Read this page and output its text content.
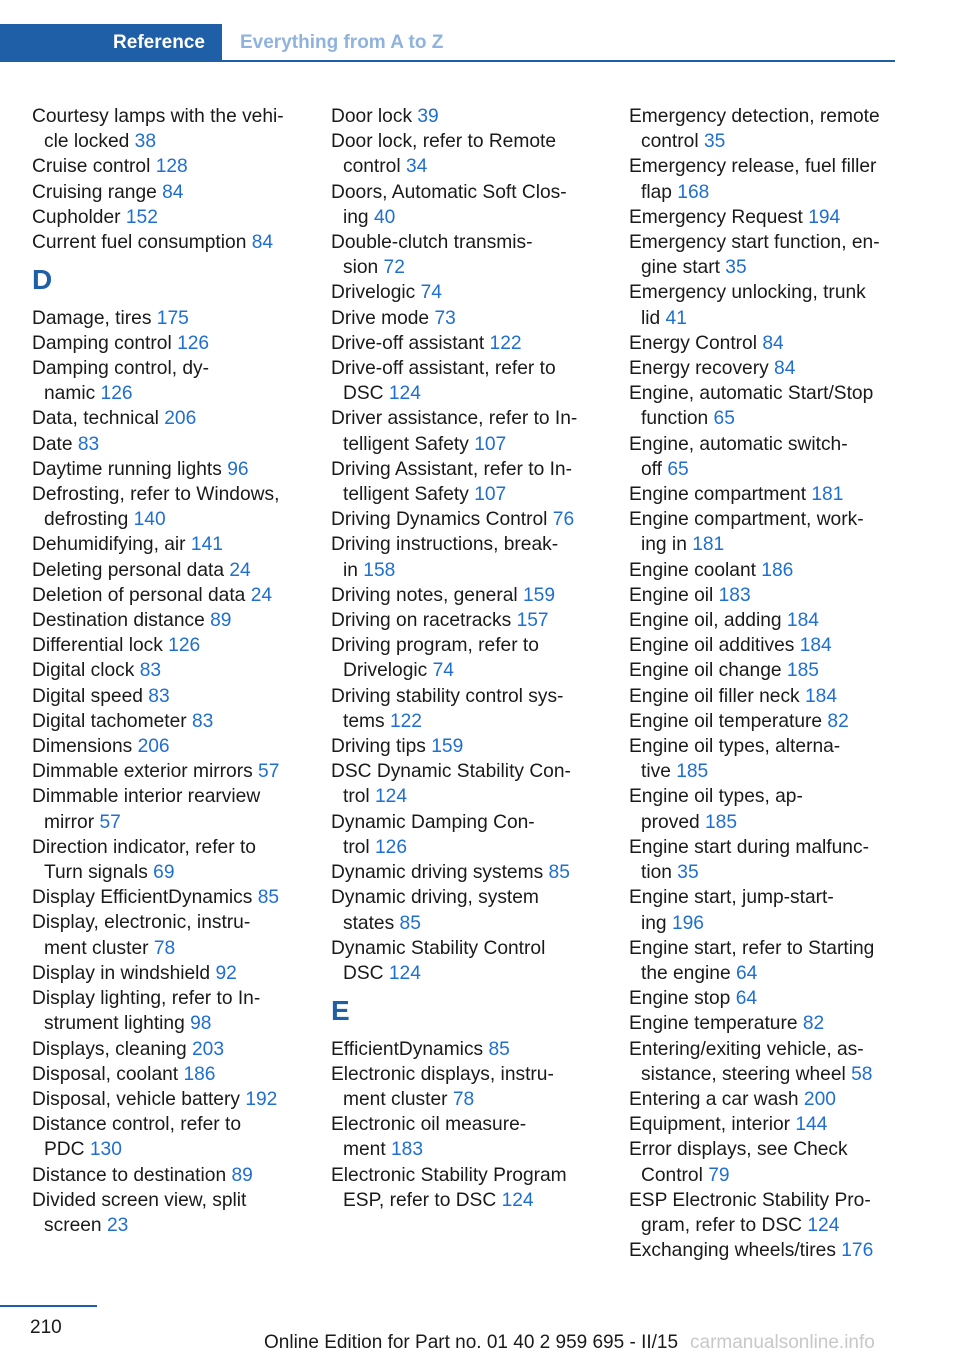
Reference Everything from A to Z

Courtesy lamps with the vehi-
cle locked 38

Cruise control 128

Cruising range 84

Cupholder 152

Current fuel consumption 84

D

Damage, tires 175

Damping control 126

Damping control, dy-
namic 126

Data, technical 206

Date 83

Daytime running lights 96

Defrosting, refer to Windows,
defrosting 140

Dehumidifying, air 141

Deleting personal data 24

Deletion of personal data 24

Destination distance 89

Differential lock 126

Digital clock 83

Digital speed 83

Digital tachometer 83

Dimensions 206

Dimmable exterior mirrors 57

Dimmable interior rearview
mirror 57

Direction indicator, refer to
Turn signals 69

Display EfficientDynamics 85

Display, electronic, instru-
ment cluster 78

Display in windshield 92

Display lighting, refer to In-
strument lighting 98

Displays, cleaning 203

Disposal, coolant 186

Disposal, vehicle battery 192

Distance control, refer to
PDC 130

Distance to destination 89

Divided screen view, split
screen 23

Door lock 39

Door lock, refer to Remote
control 34

Doors, Automatic Soft Clos-
ing 40

Double-clutch transmis-
sion 72

Drivelogic 74

Drive mode 73

Drive-off assistant 122

Drive-off assistant, refer to
DSC 124

Driver assistance, refer to In-
telligent Safety 107

Driving Assistant, refer to In-
telligent Safety 107

Driving Dynamics Control 76

Driving instructions, break-
in 158

Driving notes, general 159

Driving on racetracks 157

Driving program, refer to
Drivelogic 74

Driving stability control sys-
tems 122

Driving tips 159

DSC Dynamic Stability Con-
trol 124

Dynamic Damping Con-
trol 126

Dynamic driving systems 85

Dynamic driving, system
states 85

Dynamic Stability Control
DSC 124

E

EfficientDynamics 85

Electronic displays, instru-
ment cluster 78

Electronic oil measure-
ment 183

Electronic Stability Program
ESP, refer to DSC 124

Emergency detection, remote
control 35

Emergency release, fuel filler
flap 168

Emergency Request 194

Emergency start function, en-
gine start 35

Emergency unlocking, trunk
lid 41

Energy Control 84

Energy recovery 84

Engine, automatic Start/Stop
function 65

Engine, automatic switch-
off 65

Engine compartment 181

Engine compartment, work-
ing in 181

Engine coolant 186

Engine oil 183

Engine oil, adding 184

Engine oil additives 184

Engine oil change 185

Engine oil filler neck 184

Engine oil temperature 82

Engine oil types, alterna-
tive 185

Engine oil types, ap-
proved 185

Engine start during malfunc-
tion 35

Engine start, jump-start-
ing 196

Engine start, refer to Starting
the engine 64

Engine stop 64

Engine temperature 82

Entering/exiting vehicle, as-
sistance, steering wheel 58

Entering a car wash 200

Equipment, interior 144

Error displays, see Check
Control 79

ESP Electronic Stability Pro-
gram, refer to DSC 124

Exchanging wheels/tires 176

210
Online Edition for Part no. 01 40 2 959 695 - II/15 carmanualsonline.info
